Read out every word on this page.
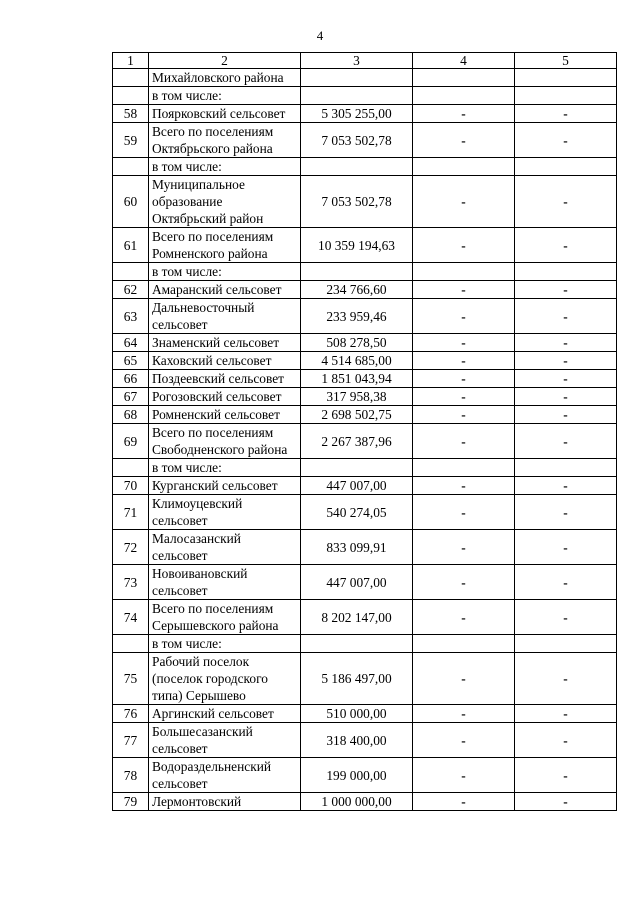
4
1	2	3	4	5
	Михайловского района			
	в том числе:			
58	Поярковский сельсовет	5 305 255,00	-	-
59	Всего по поселениям Октябрьского района	7 053 502,78	-	-
	в том числе:			
60	Муниципальное образование Октябрьский район	7 053 502,78	-	-
61	Всего по поселениям Ромненского района	10 359 194,63	-	-
	в том числе:			
62	Амаранский сельсовет	234 766,60	-	-
63	Дальневосточный сельсовет	233 959,46	-	-
64	Знаменский сельсовет	508 278,50	-	-
65	Каховский сельсовет	4 514 685,00	-	-
66	Поздеевский сельсовет	1 851 043,94	-	-
67	Рогозовский сельсовет	317 958,38	-	-
68	Ромненский сельсовет	2 698 502,75	-	-
69	Всего по поселениям Свободненского района	2 267 387,96	-	-
	в том числе:			
70	Курганский сельсовет	447 007,00	-	-
71	Климоуцевский сельсовет	540 274,05	-	-
72	Малосазанский сельсовет	833 099,91	-	-
73	Новоивановский сельсовет	447 007,00	-	-
74	Всего по поселениям Серышевского района	8 202 147,00	-	-
	в том числе:			
75	Рабочий поселок (поселок городского типа) Серышево	5 186 497,00	-	-
76	Аргинский сельсовет	510 000,00	-	-
77	Большесазанский сельсовет	318 400,00	-	-
78	Водораздельненский сельсовет	199 000,00	-	-
79	Лермонтовский	1 000 000,00	-	-
